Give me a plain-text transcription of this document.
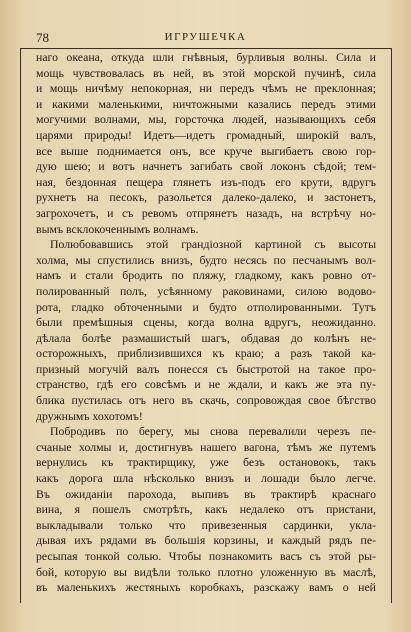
78	ИГРУШЕЧКА
наго океана, откуда шли гнѣвныя, бурливыя волны. Сила и
мощь чувствовалась въ ней, въ этой морской пучинѣ, сила
и мощь ничѣму непокорная, ни передъ чѣмъ не преклонная;
и какими маленькими, ничтожными казались передъ этими
могучими волнами, мы, горсточка людей, называющихъ себя
царями природы! Идетъ—идетъ громадный, широкій валъ,
все выше поднимается онъ, все круче выгибаетъ свою гор-
дую шею; и вотъ начнетъ загибать свой локонъ сѣдой; тем-
ная, бездонная пещера глянетъ изъ-подъ его крути, вдругъ
рухнетъ на песокъ, разольется далеко-далеко, и застонетъ,
загрохочетъ, и съ ревомъ отпрянетъ назадъ, на встрѣчу но-
вымъ всклокоченнымъ волнамъ.
Полюбовавшись этой грандіозной картиной съ высоты
холма, мы спустились внизъ, будто несясь по песчанымъ вол-
намъ и стали бродить по пляжу, гладкому, какъ ровно от-
полированный полъ, усѣянному раковинами, силою водово-
рота, гладко обточенными и будто отполированными. Тутъ
были премѣшныя сцены, когда волна вдругъ, неожиданно.
дѣлала болѣе размашистый шагъ, обдавая до колѣнъ не-
осторожныхъ, приблизившихся къ краю; а разъ такой ка-
призный могучій валъ понесся съ быстротой на такое про-
странство, гдѣ его совсѣмъ и не ждали, и какъ же эта пу-
блика пустилась отъ него въ скачь, сопровождая свое бѣгство
дружнымъ хохотомъ!
Побродивъ по берегу, мы снова перевалили черезъ пе-
счаные холмы и, достигнувъ нашего вагона, тѣмъ же путемъ
вернулись къ трактирщику, уже безъ остановокъ, такъ
какъ дорога шла нѣсколько внизъ и лошади было легче.
Въ ожиданіи парохода, выпивъ въ трактирѣ краснаго
вина, я пошелъ смотрѣть, какъ недалеко отъ пристани,
выкладывали только что привезенныя сардинки, укла-
дывая ихъ рядами въ большія корзины, и каждый рядъ пе-
ресыпая тонкой солью. Чтобы познакомить васъ съ этой ры-
бой, которую вы видѣли только плотно уложенную въ маслѣ,
въ маленькихъ жестяныхъ коробкахъ, разскажу вамъ о ней
